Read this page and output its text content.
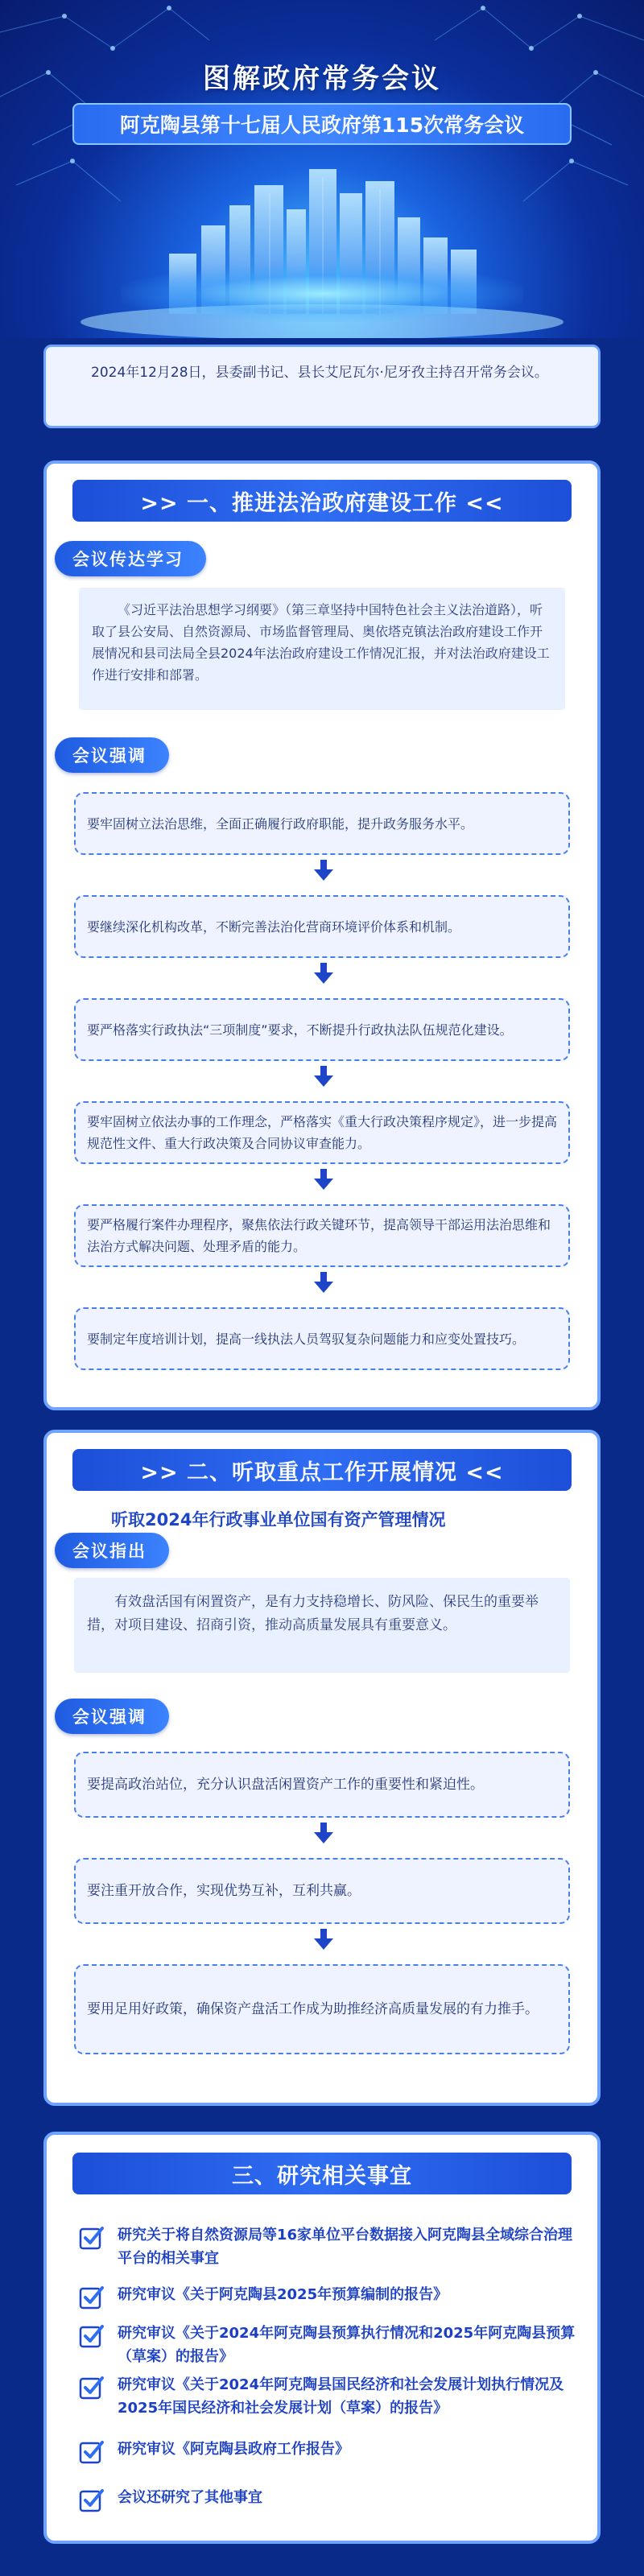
图解政府常务会议
阿克陶县第十七届人民政府第115次常务会议
2024年12月28日，县委副书记、县长艾尼瓦尔·尼牙孜主持召开常务会议。
>> 一、推进法治政府建设工作 <<
会议传达学习
《习近平法治思想学习纲要》（第三章坚持中国特色社会主义法治道路），听取了县公安局、自然资源局、市场监督管理局、奥依塔克镇法治政府建设工作开展情况和县司法局全县2024年法治政府建设工作情况汇报，并对法治政府建设工作进行安排和部署。
会议强调
要牢固树立法治思维，全面正确履行政府职能，提升政务服务水平。
要继续深化机构改革，不断完善法治化营商环境评价体系和机制。
要严格落实行政执法“三项制度”要求，不断提升行政执法队伍规范化建设。
要牢固树立依法办事的工作理念，严格落实《重大行政决策程序规定》，进一步提高规范性文件、重大行政决策及合同协议审查能力。
要严格履行案件办理程序，聚焦依法行政关键环节，提高领导干部运用法治思维和法治方式解决问题、处理矛盾的能力。
要制定年度培训计划，提高一线执法人员驾驭复杂问题能力和应变处置技巧。
>> 二、听取重点工作开展情况 <<
听取2024年行政事业单位国有资产管理情况
会议指出
有效盘活国有闲置资产，是有力支持稳增长、防风险、保民生的重要举措，对项目建设、招商引资，推动高质量发展具有重要意义。
会议强调
要提高政治站位，充分认识盘活闲置资产工作的重要性和紧迫性。
要注重开放合作，实现优势互补，互利共赢。
要用足用好政策，确保资产盘活工作成为助推经济高质量发展的有力推手。
三、研究相关事宜
研究关于将自然资源局等16家单位平台数据接入阿克陶县全域综合治理平台的相关事宜
研究审议《关于阿克陶县2025年预算编制的报告》
研究审议《关于2024年阿克陶县预算执行情况和2025年阿克陶县预算（草案）的报告》
研究审议《关于2024年阿克陶县国民经济和社会发展计划执行情况及2025年国民经济和社会发展计划（草案）的报告》
研究审议《阿克陶县政府工作报告》
会议还研究了其他事宜
